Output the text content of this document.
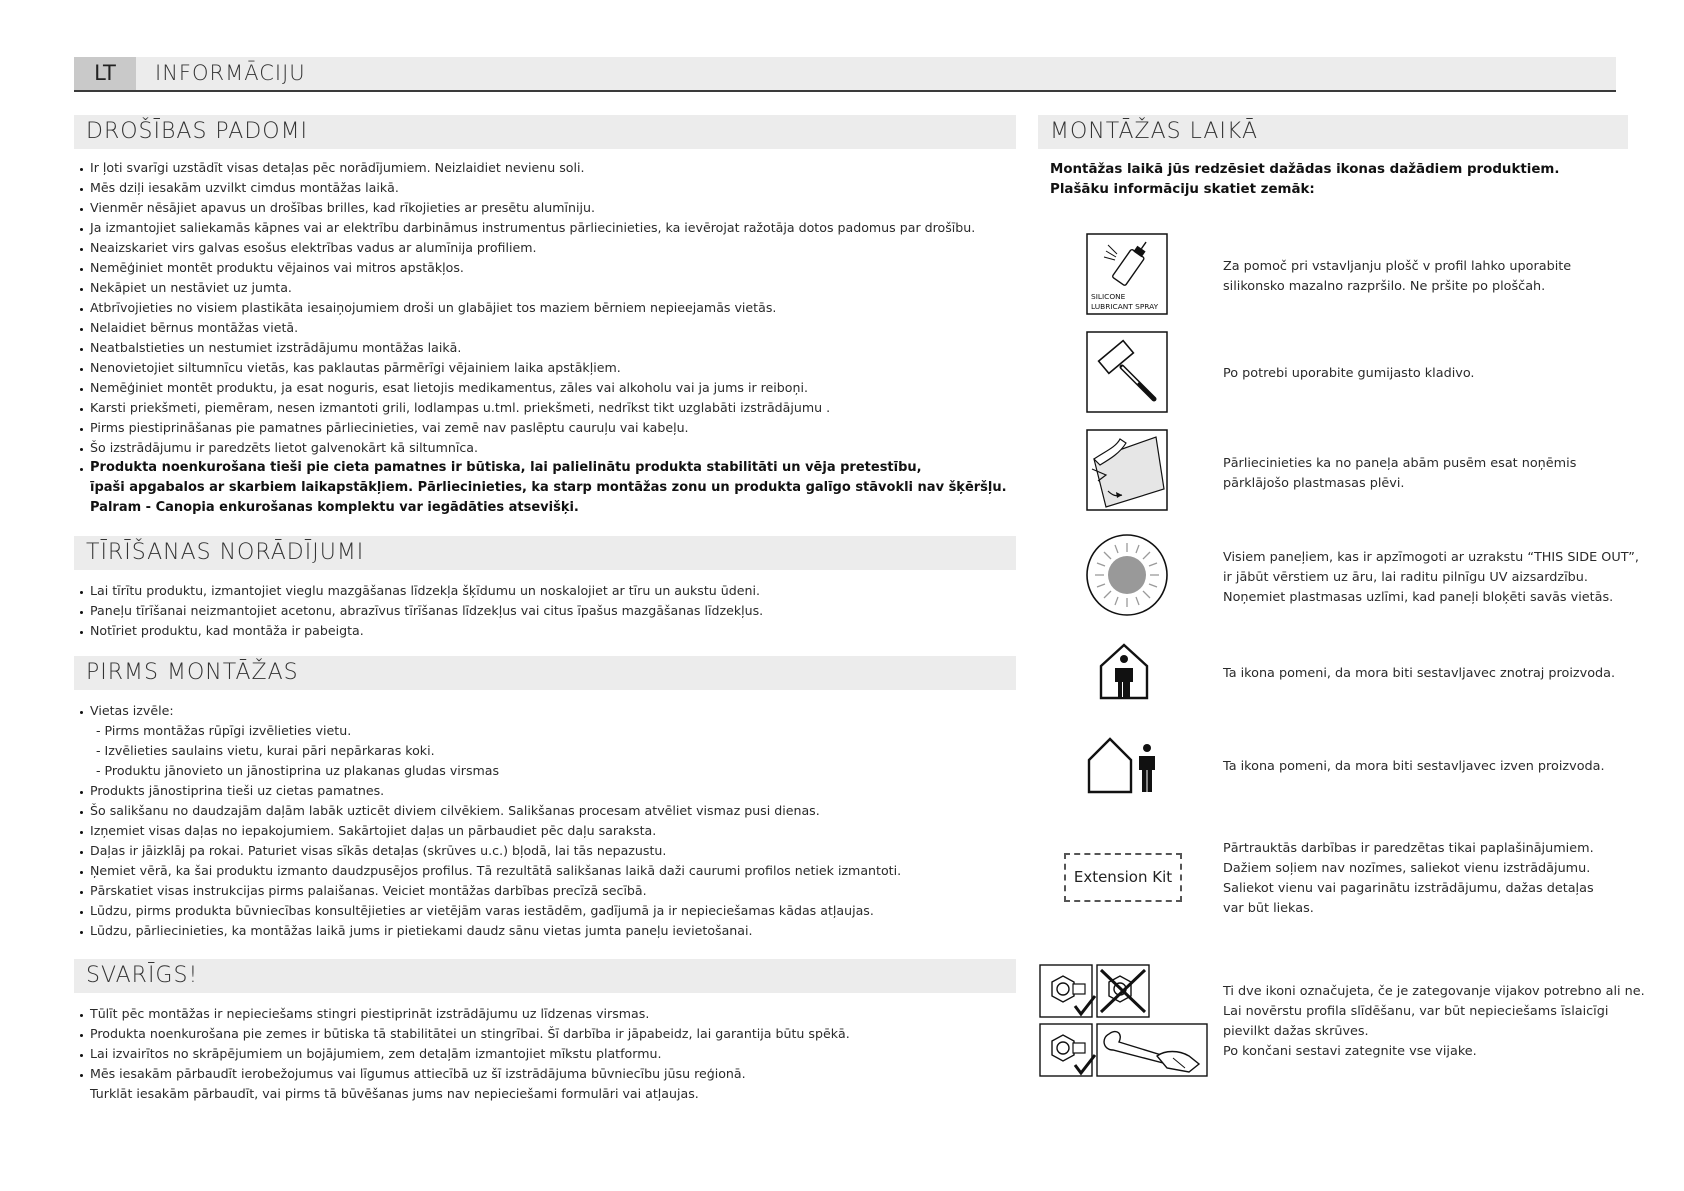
LT	INFORMĀCIJU
DROŠĪBAS PADOMI
Ir ļoti svarīgi uzstādīt visas detaļas pēc norādījumiem. Neizlaidiet nevienu soli.
Mēs dziļi iesakām uzvilkt cimdus montāžas laikā.
Vienmēr nēsājiet apavus un drošības brilles, kad rīkojieties ar presētu alumīniju.
Ja izmantojiet saliekamās kāpnes vai ar elektrību darbināmus instrumentus pārliecinieties, ka ievērojat ražotāja dotos padomus par drošību.
Neaizskariet virs galvas esošus elektrības vadus ar alumīnija profiliem.
Nemēģiniet montēt produktu vējainos vai mitros apstākļos.
Nekāpiet un nestāviet uz jumta.
Atbrīvojieties no visiem plastikāta iesaiņojumiem droši un glabājiet tos maziem bērniem nepieejamās vietās.
Nelaidiet bērnus montāžas vietā.
Neatbalstieties un nestumiet izstrādājumu montāžas laikā.
Nenovietojiet siltumnīcu vietās, kas paklautas pārmērīgi vējainiem laika apstākļiem.
Nemēģiniet montēt produktu, ja esat noguris, esat lietojis medikamentus, zāles vai alkoholu vai ja jums ir reiboņi.
Karsti priekšmeti, piemēram, nesen izmantoti grili, lodlampas u.tml. priekšmeti, nedrīkst tikt uzglabāti izstrādājumu .
Pirms piestiprināšanas pie pamatnes pārliecinieties, vai zemē nav paslēptu cauruļu vai kabeļu.
Šo izstrādājumu ir paredzēts lietot galvenokārt kā siltumnīca.
Produkta noenkurošana tieši pie cieta pamatnes ir būtiska, lai palielinātu produkta stabilitāti un vēja pretestību,
īpaši apgabalos ar skarbiem laikapstākļiem. Pārliecinieties, ka starp montāžas zonu un produkta galīgo stāvokli nav šķēršļu.
Palram - Canopia enkurošanas komplektu var iegādāties atsevišķi.
TĪRĪŠANAS NORĀDĪJUMI
Lai tīrītu produktu, izmantojiet vieglu mazgāšanas līdzekļa šķīdumu un noskalojiet ar tīru un aukstu ūdeni.
Paneļu tīrīšanai neizmantojiet acetonu, abrazīvus tīrīšanas līdzekļus vai citus īpašus mazgāšanas līdzekļus.
Notīriet produktu, kad montāža ir pabeigta.
PIRMS MONTĀŽAS
Vietas izvēle:
- Pirms montāžas rūpīgi izvēlieties vietu.
- Izvēlieties saulains vietu, kurai pāri nepārkaras koki.
- Produktu jānovieto un jānostiprina uz plakanas gludas virsmas
Produkts jānostiprina tieši uz cietas pamatnes.
Šo salikšanu no daudzajām daļām labāk uzticēt diviem cilvēkiem. Salikšanas procesam atvēliet vismaz pusi dienas.
Izņemiet visas daļas no iepakojumiem. Sakārtojiet daļas un pārbaudiet pēc daļu saraksta.
Daļas ir jāizklāj pa rokai. Paturiet visas sīkās detaļas (skrūves u.c.) bļodā, lai tās nepazustu.
Ņemiet vērā, ka šai produktu izmanto daudzpusējos profilus. Tā rezultātā salikšanas laikā daži caurumi profilos netiek izmantoti.
Pārskatiet visas instrukcijas pirms palaišanas. Veiciet montāžas darbības precīzā secībā.
Lūdzu, pirms produkta būvniecības konsultējieties ar vietējām varas iestādēm, gadījumā ja ir nepieciešamas kādas atļaujas.
Lūdzu, pārliecinieties, ka montāžas laikā jums ir pietiekami daudz sānu vietas jumta paneļu ievietošanai.
SVARĪGS!
Tūlīt pēc montāžas ir nepieciešams stingri piestiprināt izstrādājumu uz līdzenas virsmas.
Produkta noenkurošana pie zemes ir būtiska tā stabilitātei un stingrībai. Šī darbība ir jāpabeidz, lai garantija būtu spēkā.
Lai izvairītos no skrāpējumiem un bojājumiem, zem detaļām izmantojiet mīkstu platformu.
Mēs iesakām pārbaudīt ierobežojumus vai līgumus attiecībā uz šī izstrādājuma būvniecību jūsu reģionā.
Turklāt iesakām pārbaudīt, vai pirms tā būvēšanas jums nav nepieciešami formulāri vai atļaujas.
MONTĀŽAS LAIKĀ
Montāžas laikā jūs redzēsiet dažādas ikonas dažādiem produktiem.
Plašāku informāciju skatiet zemāk:
SILICONE
LUBRICANT SPRAY
Za pomoč pri vstavljanju plošč v profil lahko uporabite
silikonsko mazalno razpršilo. Ne pršite po ploščah.
Po potrebi uporabite gumijasto kladivo.
Pārliecinieties ka no paneļa abām pusēm esat noņēmis
pārklājošo plastmasas plēvi.
Visiem paneļiem, kas ir apzīmogoti ar uzrakstu “THIS SIDE OUT”,
ir jābūt vērstiem uz āru, lai raditu pilnīgu UV aizsardzību.
Noņemiet plastmasas uzlīmi, kad paneļi bloķēti savās vietās.
Ta ikona pomeni, da mora biti sestavljavec znotraj proizvoda.
Ta ikona pomeni, da mora biti sestavljavec izven proizvoda.
Extension Kit
Pārtrauktās darbības ir paredzētas tikai paplašinājumiem.
Dažiem soļiem nav nozīmes, saliekot vienu izstrādājumu.
Saliekot vienu vai pagarinātu izstrādājumu, dažas detaļas
var būt liekas.
Ti dve ikoni označujeta, če je zategovanje vijakov potrebno ali ne.
Lai novērstu profila slīdēšanu, var būt nepieciešams īslaicīgi
pievilkt dažas skrūves.
Po končani sestavi zategnite vse vijake.
